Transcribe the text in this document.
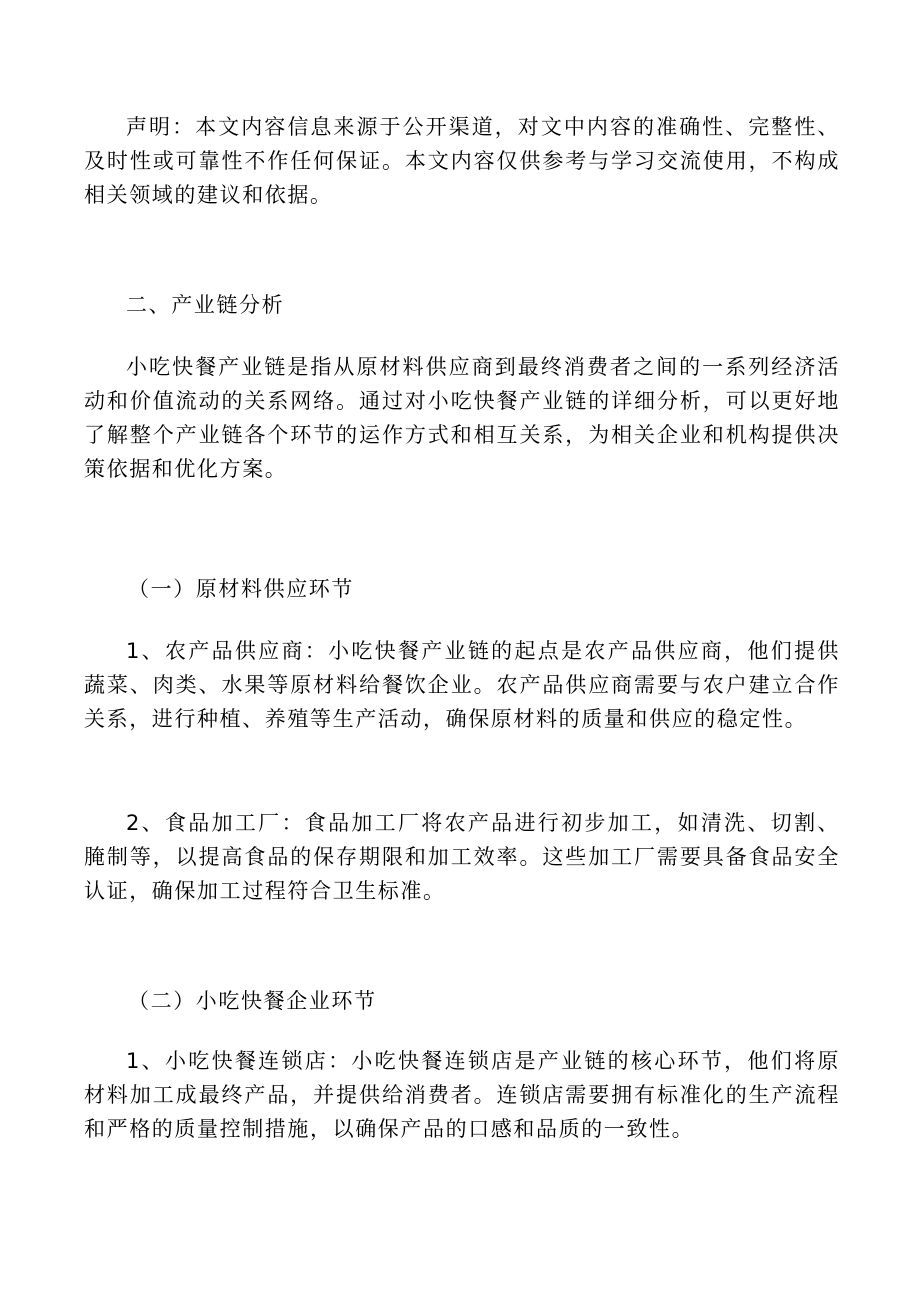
声明：本文内容信息来源于公开渠道，对文中内容的准确性、完整性、及时性或可靠性不作任何保证。本文内容仅供参考与学习交流使用，不构成相关领域的建议和依据。

二、产业链分析

小吃快餐产业链是指从原材料供应商到最终消费者之间的一系列经济活动和价值流动的关系网络。通过对小吃快餐产业链的详细分析，可以更好地了解整个产业链各个环节的运作方式和相互关系，为相关企业和机构提供决策依据和优化方案。

（一）原材料供应环节

1、农产品供应商：小吃快餐产业链的起点是农产品供应商，他们提供蔬菜、肉类、水果等原材料给餐饮企业。农产品供应商需要与农户建立合作关系，进行种植、养殖等生产活动，确保原材料的质量和供应的稳定性。

2、食品加工厂：食品加工厂将农产品进行初步加工，如清洗、切割、腌制等，以提高食品的保存期限和加工效率。这些加工厂需要具备食品安全认证，确保加工过程符合卫生标准。

（二）小吃快餐企业环节

1、小吃快餐连锁店：小吃快餐连锁店是产业链的核心环节，他们将原材料加工成最终产品，并提供给消费者。连锁店需要拥有标准化的生产流程和严格的质量控制措施，以确保产品的口感和品质的一致性。
